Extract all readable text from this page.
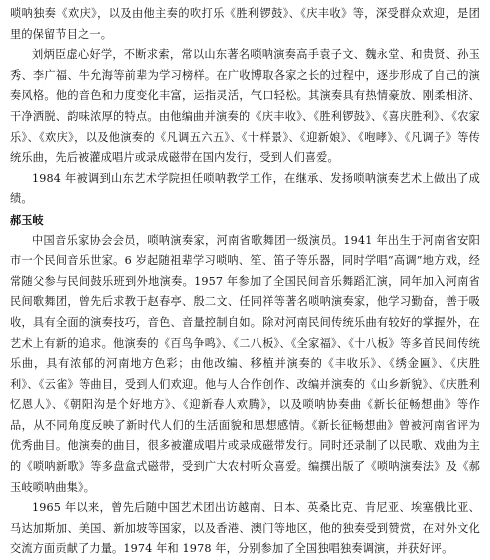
唢呐独奏《欢庆》，以及由他主奏的吹打乐《胜利锣鼓》、《庆丰收》等，深受群众欢迎，是团里的保留节目之一。

刘炳臣虚心好学，不断求索，常以山东著名唢呐演奏高手袁子文、魏永堂、和贵贤、孙玉秀、李广福、牛允海等前辈为学习榜样。在广收博取各家之长的过程中，逐步形成了自己的演奏风格。他的音色和力度变化丰富，运指灵活，气口轻松。其演奏具有热情豪放、刚柔相济、干净洒脱、韵味浓厚的特点。由他编曲并演奏的《庆丰收》、《胜利锣鼓》、《喜庆胜利》、《农家乐》、《欢庆》，以及他演奏的《凡调五六五》、《十样景》、《迎新娘》、《咆哮》、《凡调子》等传统乐曲，先后被灌成唱片或录成磁带在国内发行，受到人们喜爱。

1984 年被调到山东艺术学院担任唢呐教学工作，在继承、发扬唢呐演奏艺术上做出了成绩。

郝玉岐

中国音乐家协会会员，唢呐演奏家，河南省歌舞团一级演员。1941 年出生于河南省安阳市一个民间音乐世家。6 岁起随祖辈学习唢呐、笙、笛子等乐器，同时学唱“高调”地方戏，经常随父参与民间鼓乐班到外地演奏。1957 年参加了全国民间音乐舞蹈汇演，同年加入河南省民间歌舞团，曾先后求教于赵春亭、殷二文、任同祥等著名唢呐演奏家，他学习勤奋，善于吸收，具有全面的演奏技巧，音色、音量控制自如。除对河南民间传统乐曲有较好的掌握外，在艺术上有新的追求。他演奏的《百鸟争鸣》、《二八板》、《全家福》、《十八板》等多首民间传统乐曲，具有浓郁的河南地方色彩；由他改编、移植并演奏的《丰收乐》、《绣金匾》、《庆胜利》、《云雀》等曲目，受到人们欢迎。他与人合作创作、改编并演奏的《山乡新貌》、《庆胜利忆恩人》、《朝阳沟是个好地方》、《迎新春人欢腾》，以及唢呐协奏曲《新长征畅想曲》等作品，从不同角度反映了新时代人们的生活面貌和思想感情。《新长征畅想曲》曾被河南省评为优秀曲目。他演奏的曲目，很多被灌成唱片或录成磁带发行。同时还录制了以民歌、戏曲为主的《唢呐新歌》等多盘盒式磁带，受到广大农村听众喜爱。编撰出版了《唢呐演奏法》及《郝玉岐唢呐曲集》。

1965 年以来，曾先后随中国艺术团出访越南、日本、英桑比克、肯尼亚、埃塞俄比亚、马达加斯加、美国、新加坡等国家，以及香港、澳门等地区，他的独奏受到赞赏，在对外文化交流方面贡献了力量。1974 年和 1978 年，分别参加了全国独唱独奏调演，并获好评。
